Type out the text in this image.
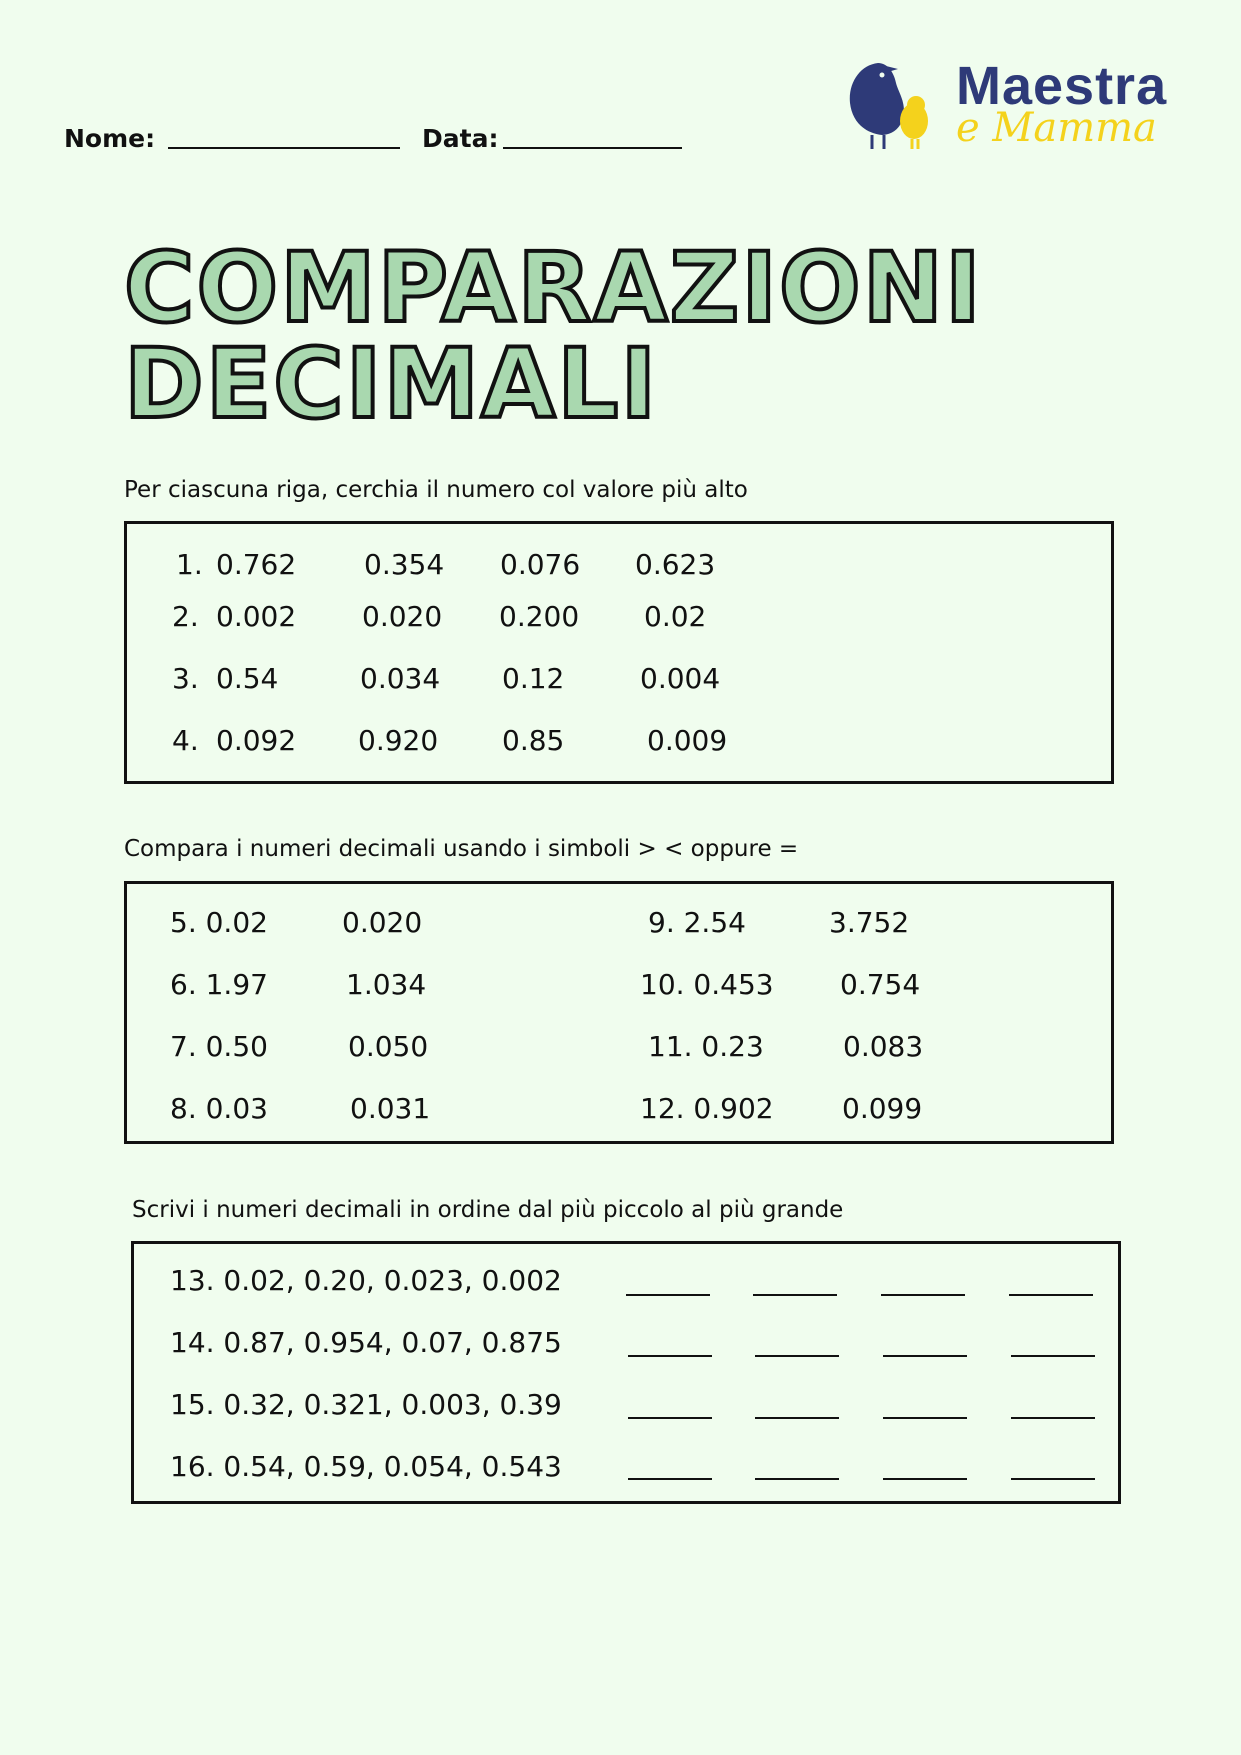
Nome:	Data:
Maestra
e Mamma
COMPARAZIONI
DECIMALI
Per ciascuna riga, cerchia il numero col valore più alto
1. 0.762 0.354 0.076 0.623
2. 0.002 0.020 0.200 0.02
3. 0.54	0.034 0.12	0.004
4. 0.092 0.920 0.85	0.009
Compara i numeri decimali usando i simboli > < oppure =
5. 0.02	0.020
6. 1.97	1.034
7. 0.50	0.050
8. 0.03	0.031
9. 2.54	3.752
10. 0.453 0.754
11. 0.23	0.083
12. 0.902 0.099
Scrivi i numeri decimali in ordine dal più piccolo al più grande
13. 0.02, 0.20, 0.023, 0.002
14. 0.87, 0.954, 0.07, 0.875
15. 0.32, 0.321, 0.003, 0.39
16. 0.54, 0.59, 0.054, 0.543
